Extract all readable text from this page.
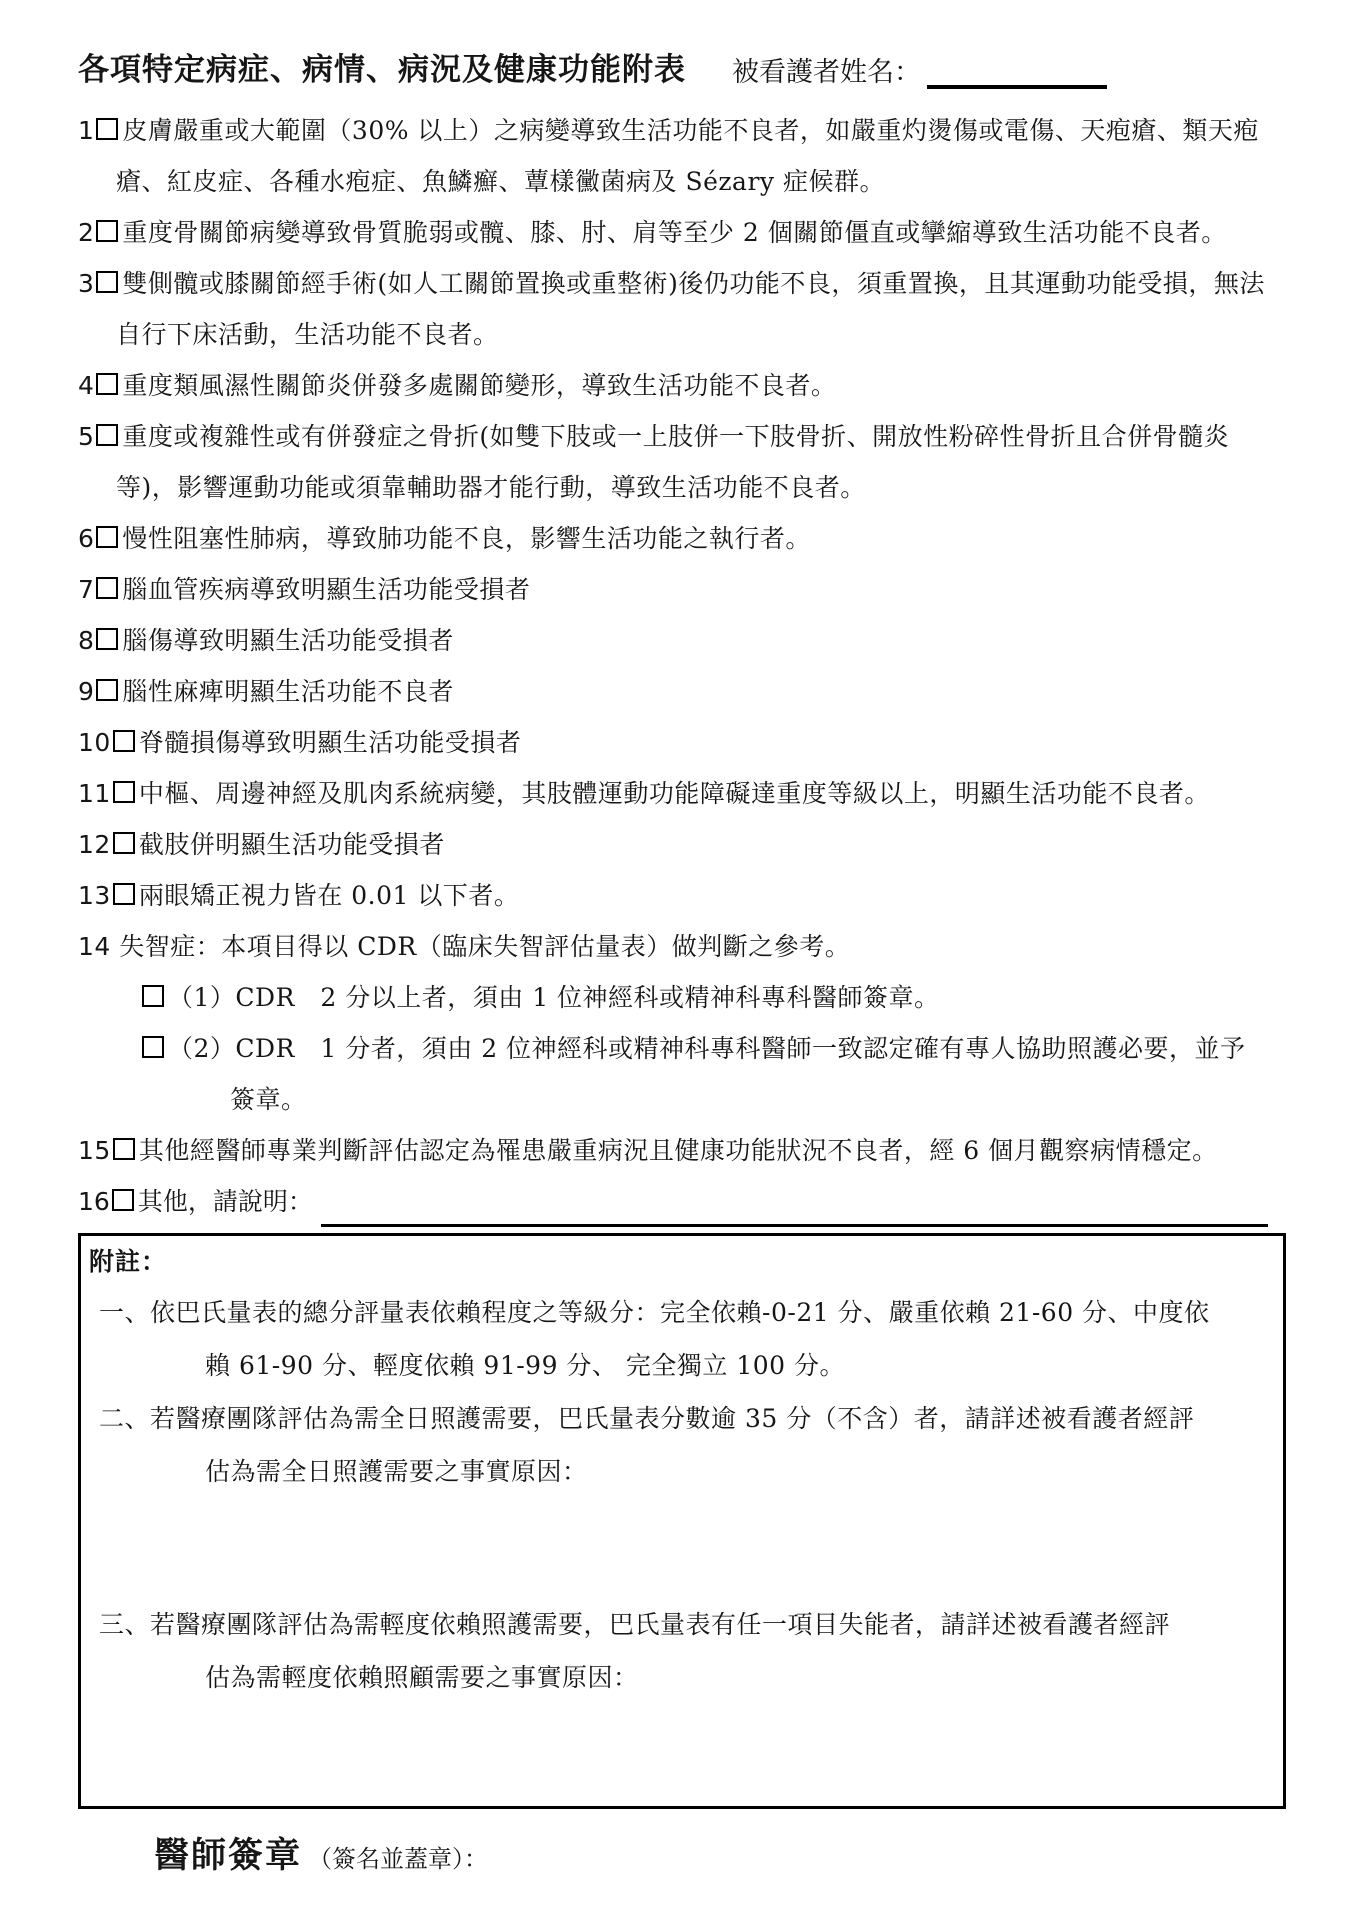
各項特定病症、病情、病況及健康功能附表 被看護者姓名：
1 皮膚嚴重或大範圍（30% 以上）之病變導致生活功能不良者，如嚴重灼燙傷或電傷、天疱瘡、類天疱瘡、紅皮症、各種水疱症、魚鱗癬、蕈樣黴菌病及 Sézary 症候群。
2 重度骨關節病變導致骨質脆弱或髖、膝、肘、肩等至少 2 個關節僵直或攣縮導致生活功能不良者。
3 雙側髖或膝關節經手術(如人工關節置換或重整術)後仍功能不良，須重置換，且其運動功能受損，無法自行下床活動，生活功能不良者。
4 重度類風濕性關節炎併發多處關節變形，導致生活功能不良者。
5 重度或複雜性或有併發症之骨折(如雙下肢或一上肢併一下肢骨折、開放性粉碎性骨折且合併骨髓炎等)，影響運動功能或須靠輔助器才能行動，導致生活功能不良者。
6 慢性阻塞性肺病，導致肺功能不良，影響生活功能之執行者。
7 腦血管疾病導致明顯生活功能受損者
8 腦傷導致明顯生活功能受損者
9 腦性麻痺明顯生活功能不良者
10 脊髓損傷導致明顯生活功能受損者
11 中樞、周邊神經及肌肉系統病變，其肢體運動功能障礙達重度等級以上，明顯生活功能不良者。
12 截肢併明顯生活功能受損者
13 兩眼矯正視力皆在 0.01 以下者。
14 失智症：本項目得以 CDR（臨床失智評估量表）做判斷之參考。
（1）CDR　2 分以上者，須由 1 位神經科或精神科專科醫師簽章。
（2）CDR　1 分者，須由 2 位神經科或精神科專科醫師一致認定確有專人協助照護必要，並予
簽章。
15 其他經醫師專業判斷評估認定為罹患嚴重病況且健康功能狀況不良者，經 6 個月觀察病情穩定。
16 其他，請說明：
附註：
一、依巴氏量表的總分評量表依賴程度之等級分：完全依賴-0-21 分、嚴重依賴 21-60 分、中度依
賴 61-90 分、輕度依賴 91-99 分、 完全獨立 100 分。
二、若醫療團隊評估為需全日照護需要，巴氏量表分數逾 35 分（不含）者，請詳述被看護者經評
估為需全日照護需要之事實原因：
三、若醫療團隊評估為需輕度依賴照護需要，巴氏量表有任一項目失能者，請詳述被看護者經評
估為需輕度依賴照顧需要之事實原因：
醫師簽章 （簽名並蓋章）：
